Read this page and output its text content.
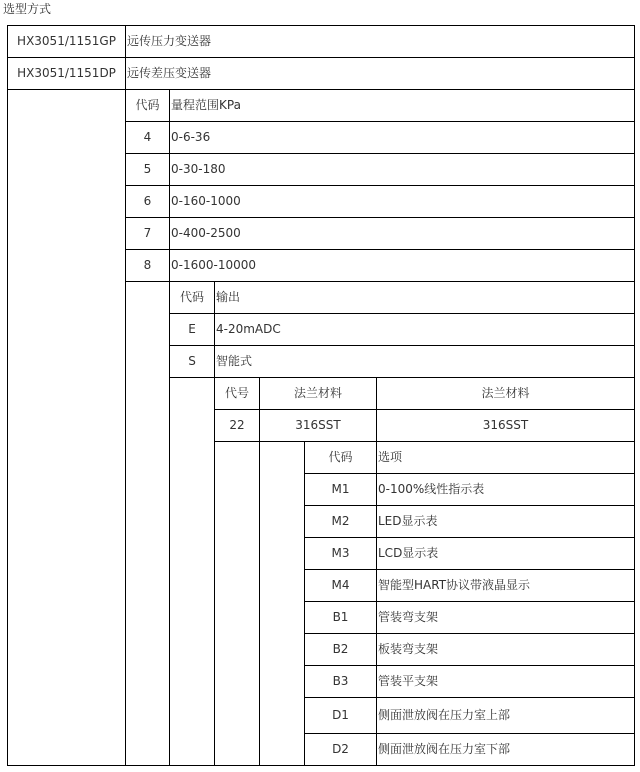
选型方式
HX3051/1151GP 远传压力变送器
HX3051/1151DP 远传差压变送器
代码 量程范围KPa
4	0-6-36
5	0-30-180
6	0-160-1000
7	0-400-2500
8	0-1600-10000
代码	输出
E	4-20mADC
S	智能式
代号	法兰材料	法兰材料
22	316SST	316SST
代码	选项
M1	0-100%线性指示表
M2	LED显示表
M3	LCD显示表
M4	智能型HART协议带液晶显示
B1	管装弯支架
B2	板装弯支架
B3	管装平支架
D1	侧面泄放阀在压力室上部
D2	侧面泄放阀在压力室下部
